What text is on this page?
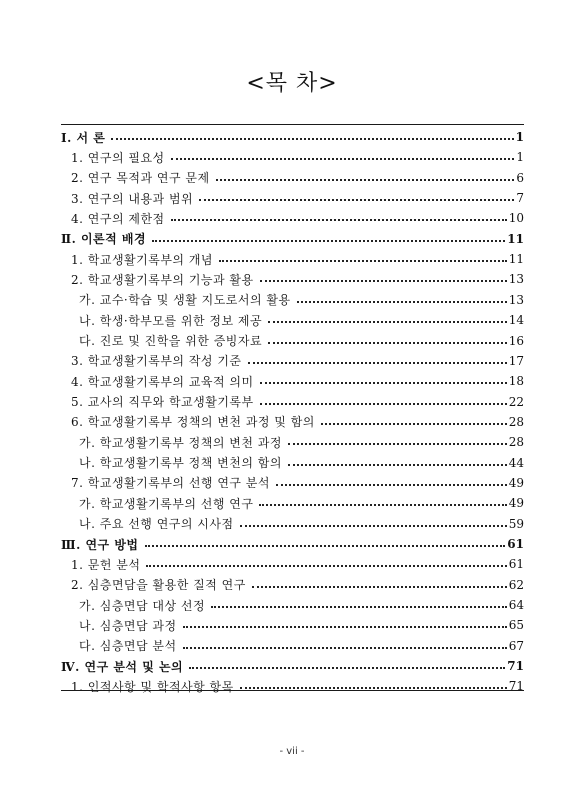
<목 차>
Ⅰ. 서 론	1
1. 연구의 필요성	1
2. 연구 목적과 연구 문제	6
3. 연구의 내용과 범위	7
4. 연구의 제한점	10
Ⅱ. 이론적 배경	11
1. 학교생활기록부의 개념	11
2. 학교생활기록부의 기능과 활용	13
가. 교수·학습 및 생활 지도로서의 활용	13
나. 학생·학부모를 위한 정보 제공	14
다. 진로 및 진학을 위한 증빙자료	16
3. 학교생활기록부의 작성 기준	17
4. 학교생활기록부의 교육적 의미	18
5. 교사의 직무와 학교생활기록부	22
6. 학교생활기록부 정책의 변천 과정 및 함의	28
가. 학교생활기록부 정책의 변천 과정	28
나. 학교생활기록부 정책 변천의 함의	44
7. 학교생활기록부의 선행 연구 분석	49
가. 학교생활기록부의 선행 연구	49
나. 주요 선행 연구의 시사점	59
Ⅲ. 연구 방법	61
1. 문헌 분석	61
2. 심층면담을 활용한 질적 연구	62
가. 심층면담 대상 선정	64
나. 심층면담 과정	65
다. 심층면담 분석	67
Ⅳ. 연구 분석 및 논의	71
1. 인적사항 및 학적사항 항목	71
- vii -
